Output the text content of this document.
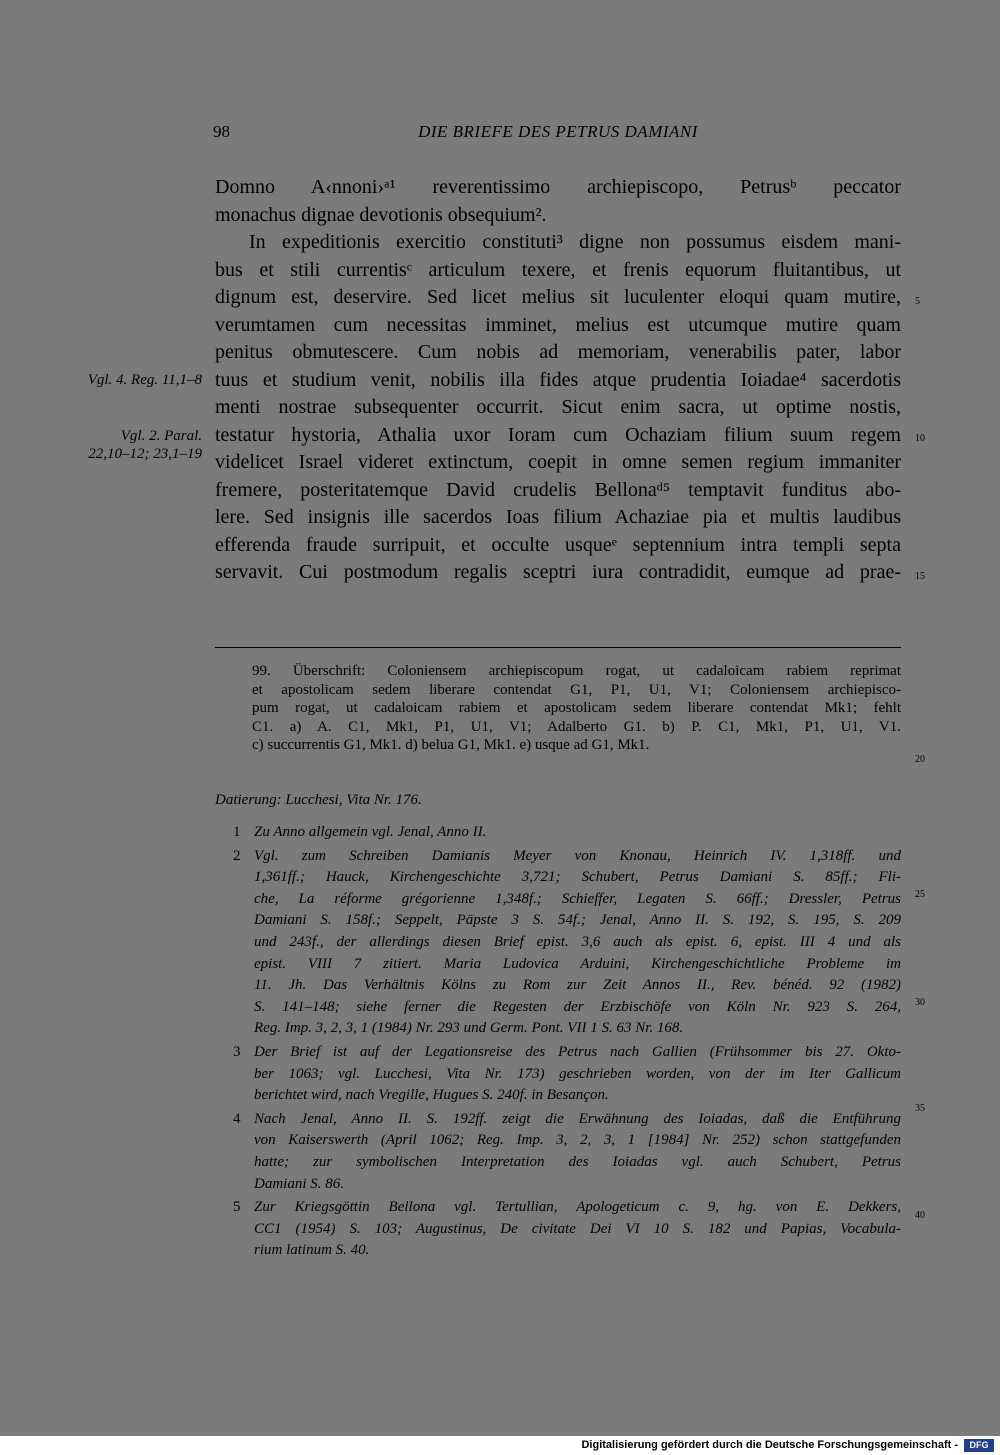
98	DIE BRIEFE DES PETRUS DAMIANI
Domno A‹nnoni›ᵃ¹ reverentissimo archiepiscopo, Petrusᵇ peccator
monachus dignae devotionis obsequium².
In expeditionis exercitio constituti³ digne non possumus eisdem mani-
bus et stili currentisᶜ articulum texere, et frenis equorum fluitantibus, ut
dignum est, deservire. Sed licet melius sit luculenter eloqui quam mutire,
verumtamen cum necessitas imminet, melius est utcumque mutire quam
penitus obmutescere. Cum nobis ad memoriam, venerabilis pater, labor
tuus et studium venit, nobilis illa fides atque prudentia Ioiadae⁴ sacerdotis
menti nostrae subsequenter occurrit. Sicut enim sacra, ut optime nostis,
testatur hystoria, Athalia uxor Ioram cum Ochaziam filium suum regem
videlicet Israel videret extinctum, coepit in omne semen regium immaniter
fremere, posteritatemque David crudelis Bellonaᵈ⁵ temptavit funditus abo-
lere. Sed insignis ille sacerdos Ioas filium Achaziae pia et multis laudibus
efferenda fraude surripuit, et occulte usqueᵉ septennium intra templi septa
servavit. Cui postmodum regalis sceptri iura contradidit, eumque ad prae-
Vgl. 4. Reg. 11,1–8
Vgl. 2. Paral.
22,10–12; 23,1–19
5
10
15
20
25
30
35
40
99. Überschrift: Coloniensem archiepiscopum rogat, ut cadaloicam rabiem reprimat
et apostolicam sedem liberare contendat G1, P1, U1, V1; Coloniensem archiepisco-
pum rogat, ut cadaloicam rabiem et apostolicam sedem liberare contendat Mk1; fehlt
C1. a) A. C1, Mk1, P1, U1, V1; Adalberto G1. b) P. C1, Mk1, P1, U1, V1.
c) succurrentis G1, Mk1. d) belua G1, Mk1. e) usque ad G1, Mk1.
Datierung: Lucchesi, Vita Nr. 176.
1 Zu Anno allgemein vgl. Jenal, Anno II.
2 Vgl. zum Schreiben Damianis Meyer von Knonau, Heinrich IV. 1,318ff. und
1,361ff.; Hauck, Kirchengeschichte 3,721; Schubert, Petrus Damiani S. 85ff.; Fli-
che, La réforme grégorienne 1,348f.; Schieffer, Legaten S. 66ff.; Dressler, Petrus
Damiani S. 158f.; Seppelt, Päpste 3 S. 54f.; Jenal, Anno II. S. 192, S. 195, S. 209
und 243f., der allerdings diesen Brief epist. 3,6 auch als epist. 6, epist. III 4 und als
epist. VIII 7 zitiert. Maria Ludovica Arduini, Kirchengeschichtliche Probleme im
11. Jh. Das Verhältnis Kölns zu Rom zur Zeit Annos II., Rev. bénéd. 92 (1982)
S. 141–148; siehe ferner die Regesten der Erzbischöfe von Köln Nr. 923 S. 264,
Reg. Imp. 3, 2, 3, 1 (1984) Nr. 293 und Germ. Pont. VII 1 S. 63 Nr. 168.
3 Der Brief ist auf der Legationsreise des Petrus nach Gallien (Frühsommer bis 27. Okto-
ber 1063; vgl. Lucchesi, Vita Nr. 173) geschrieben worden, von der im Iter Gallicum
berichtet wird, nach Vregille, Hugues S. 240f. in Besançon.
4 Nach Jenal, Anno II. S. 192ff. zeigt die Erwähnung des Ioiadas, daß die Entführung
von Kaiserswerth (April 1062; Reg. Imp. 3, 2, 3, 1 [1984] Nr. 252) schon stattgefunden
hatte; zur symbolischen Interpretation des Ioiadas vgl. auch Schubert, Petrus
Damiani S. 86.
5 Zur Kriegsgöttin Bellona vgl. Tertullian, Apologeticum c. 9, hg. von E. Dekkers,
CC1 (1954) S. 103; Augustinus, De civitate Dei VI 10 S. 182 und Papias, Vocabula-
rium latinum S. 40.
Digitalisierung gefördert durch die Deutsche Forschungsgemeinschaft -	DFG
